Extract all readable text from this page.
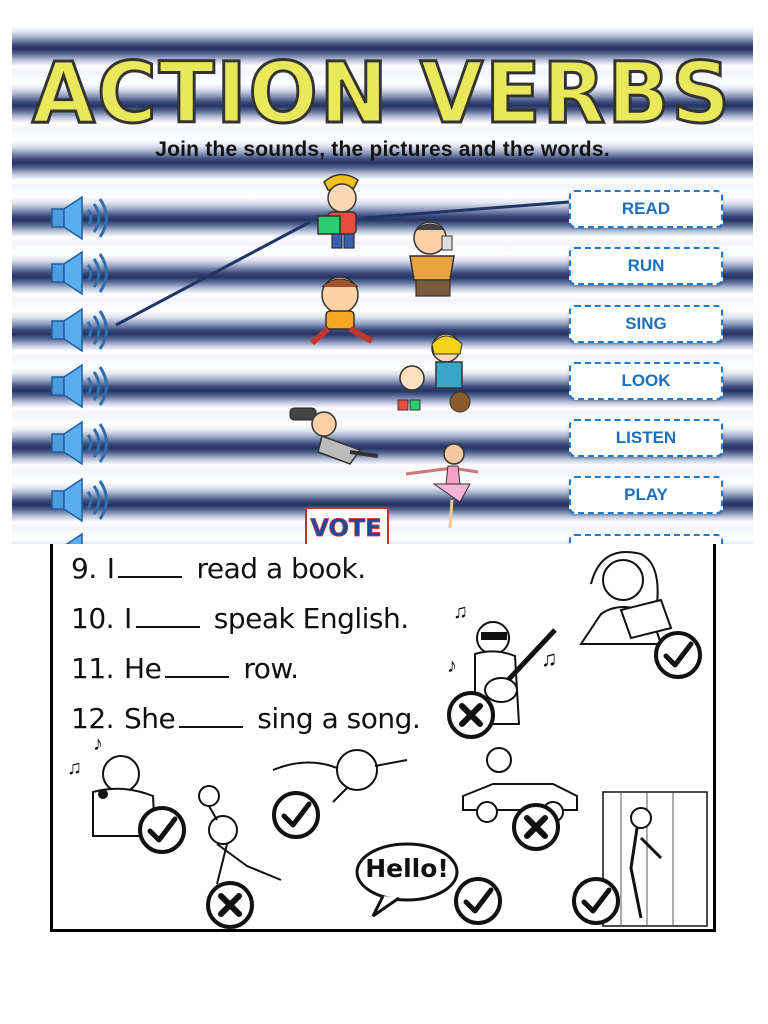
ACTION VERBS
Join the sounds, the pictures and the words.
VOTE
READ
RUN
SING
LOOK
LISTEN
PLAY
9. I	read a book.
10. I	speak English.
11. He	row.
12. She	sing a song.
♫
♪	♫
♫
♪
Hello!
